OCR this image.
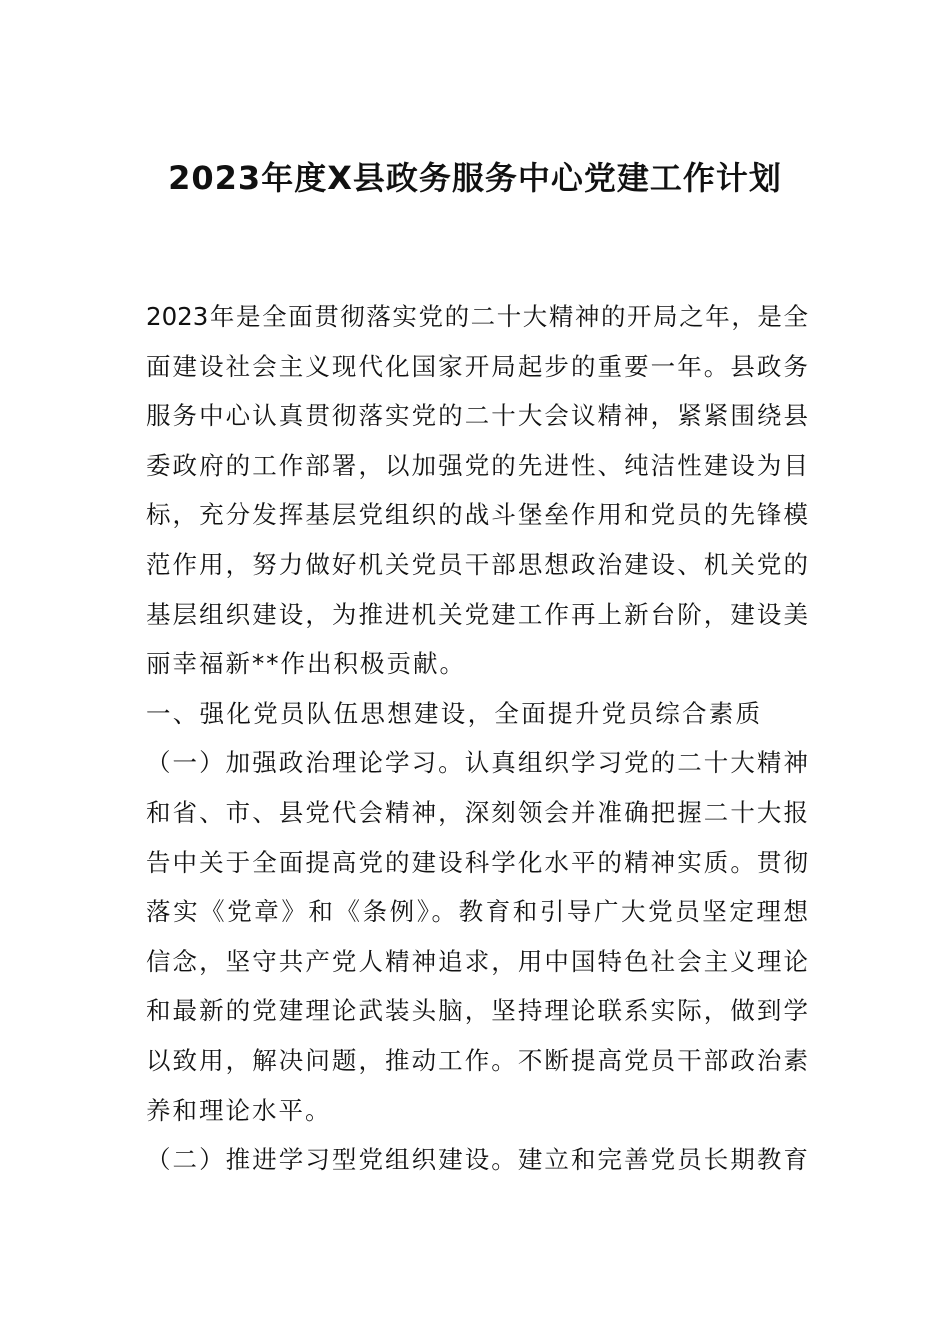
2023年度X县政务服务中心党建工作计划
2023年是全面贯彻落实党的二十大精神的开局之年，是全
面建设社会主义现代化国家开局起步的重要一年。县政务
服务中心认真贯彻落实党的二十大会议精神，紧紧围绕县
委政府的工作部署，以加强党的先进性、纯洁性建设为目
标，充分发挥基层党组织的战斗堡垒作用和党员的先锋模
范作用，努力做好机关党员干部思想政治建设、机关党的
基层组织建设，为推进机关党建工作再上新台阶，建设美
丽幸福新**作出积极贡献。
一、强化党员队伍思想建设，全面提升党员综合素质
（一）加强政治理论学习。认真组织学习党的二十大精神
和省、市、县党代会精神，深刻领会并准确把握二十大报
告中关于全面提高党的建设科学化水平的精神实质。贯彻
落实《党章》和《条例》。教育和引导广大党员坚定理想
信念，坚守共产党人精神追求，用中国特色社会主义理论
和最新的党建理论武装头脑，坚持理论联系实际，做到学
以致用，解决问题，推动工作。不断提高党员干部政治素
养和理论水平。
（二）推进学习型党组织建设。建立和完善党员长期教育
